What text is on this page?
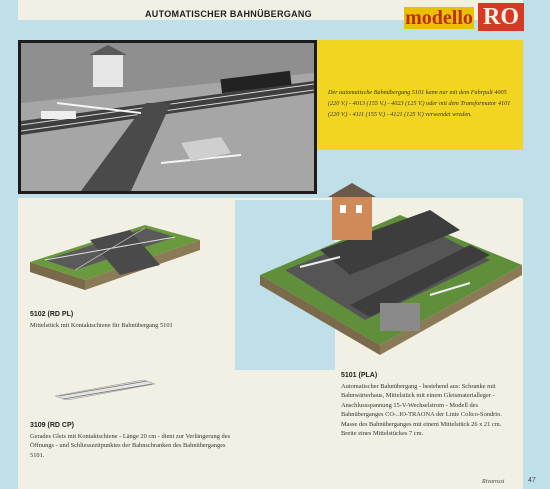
AUTOMATISCHER BAHNÜBERGANG	modello RO

Der automatische Bahnübergang 5101 kann nur mit dem Fahrpult 4005 (220 V.) - 4013 (155 V.) - 4023 (125 V.) oder mit dem Transformator 4101 (220 V.) - 4111 (155 V.) - 4121 (125 V.) verwendet wreden.

5102 (RD PL)

Mittelstück mit Kontaktschiene für Bahnübergang 5101

3109 (RD CP)

Gerades Gleis mit Kontaktschiene - Länge 20 cm - dient zur Verlängerung des Öffnungs - und Schliesszeitpunktes der Bahnschranken des Bahnüberganges 5101.

5101 (PLA)

Automatischer Bahnübergang - bestehend aus: Schranke mit Bahnwärterhaus, Mittelstück mit einem Gleismaterialleger - Anschlussspannung 15-V-Wechselstrom - Modell des Bahnüberganges CO-..IO-TRAONA der Linie Colico-Sondrio. Masse des Bahnüberganges mit einem Mittelstück 26 x 21 cm. Breite eines Mittelstückes 7 cm.

Rivarossi	47
